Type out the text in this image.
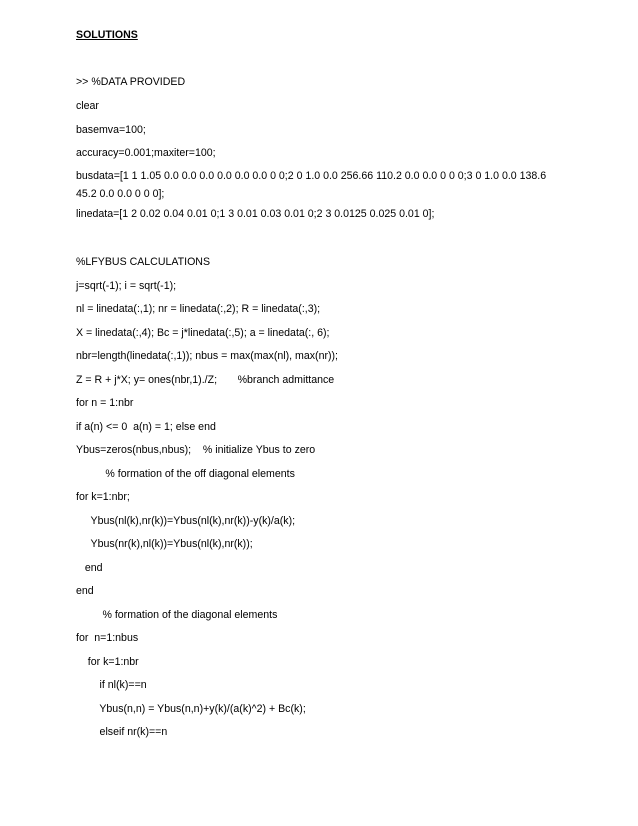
SOLUTIONS
>> %DATA PROVIDED
clear
basemva=100;
accuracy=0.001;maxiter=100;
busdata=[1 1 1.05 0.0 0.0 0.0 0.0 0.0 0.0 0 0;2 0 1.0 0.0 256.66 110.2 0.0 0.0 0 0 0;3 0 1.0 0.0 138.6 45.2 0.0 0.0 0 0 0];
linedata=[1 2 0.02 0.04 0.01 0;1 3 0.01 0.03 0.01 0;2 3 0.0125 0.025 0.01 0];
%LFYBUS CALCULATIONS
j=sqrt(-1); i = sqrt(-1);
nl = linedata(:,1); nr = linedata(:,2); R = linedata(:,3);
X = linedata(:,4); Bc = j*linedata(:,5); a = linedata(:, 6);
nbr=length(linedata(:,1)); nbus = max(max(nl), max(nr));
Z = R + j*X; y= ones(nbr,1)./Z;       %branch admittance
for n = 1:nbr
if a(n) <= 0  a(n) = 1; else end
Ybus=zeros(nbus,nbus);    % initialize Ybus to zero
% formation of the off diagonal elements
for k=1:nbr;
Ybus(nl(k),nr(k))=Ybus(nl(k),nr(k))-y(k)/a(k);
Ybus(nr(k),nl(k))=Ybus(nl(k),nr(k));
end
end
% formation of the diagonal elements
for  n=1:nbus
for k=1:nbr
if nl(k)==n
Ybus(n,n) = Ybus(n,n)+y(k)/(a(k)^2) + Bc(k);
elseif nr(k)==n
